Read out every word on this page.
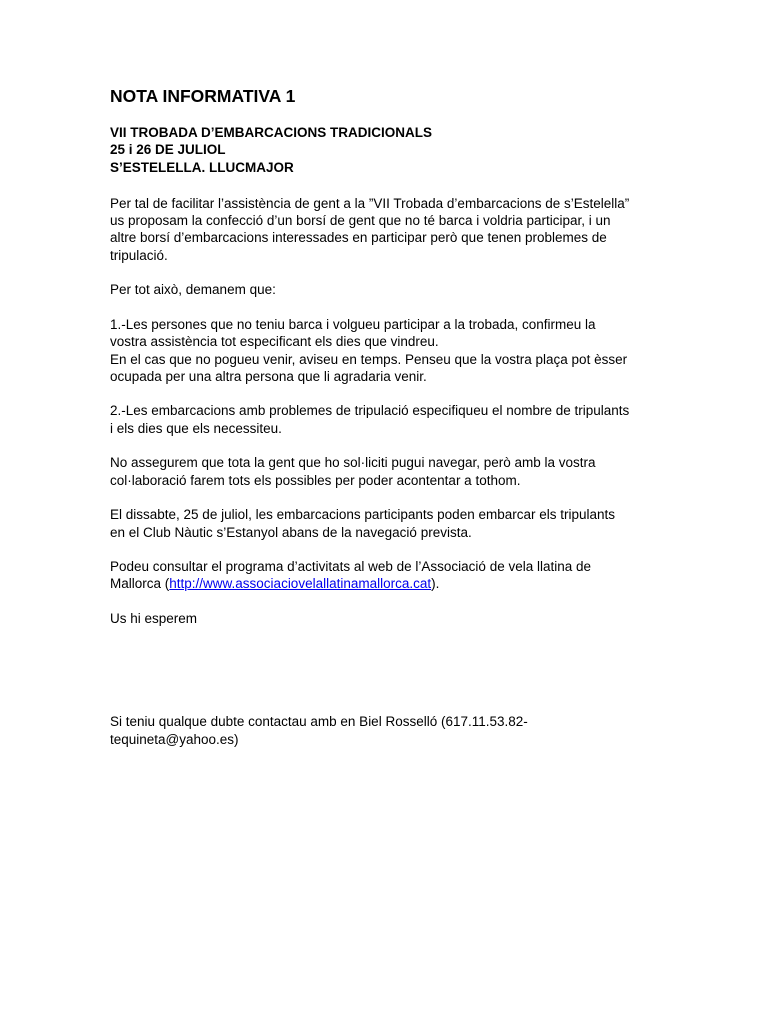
NOTA INFORMATIVA 1
VII TROBADA D’EMBARCACIONS TRADICIONALS
25 i 26 DE JULIOL
S’ESTELELLA. LLUCMAJOR
Per tal de facilitar l’assistència de gent a la ”VII Trobada d’embarcacions de s’Estelella”
us proposam la confecció d’un borsí de gent que no té barca i voldria participar, i un
altre borsí d’embarcacions interessades en participar però que tenen problemes de
tripulació.
Per tot això, demanem que:
1.-Les persones que no teniu barca i volgueu participar a la trobada, confirmeu la
vostra assistència tot especificant els dies que vindreu.
En el cas que no pogueu venir, aviseu en temps. Penseu que la vostra plaça pot èsser
ocupada per una altra persona que li agradaria venir.
2.-Les embarcacions amb problemes de tripulació especifiqueu el nombre de tripulants
i els dies que els necessiteu.
No assegurem que tota la gent que ho sol·liciti pugui navegar, però amb la vostra
col·laboració farem tots els possibles per poder acontentar a tothom.
El dissabte, 25 de juliol, les embarcacions participants poden embarcar els tripulants
en el Club Nàutic s’Estanyol abans de la navegació prevista.
Podeu consultar el programa d’activitats al web de l’Associació de vela llatina de
Mallorca (http://www.associaciovelallatinamallorca.cat).
Us hi esperem
Si teniu qualque dubte contactau amb en Biel Rosselló (617.11.53.82-
tequineta@yahoo.es)
